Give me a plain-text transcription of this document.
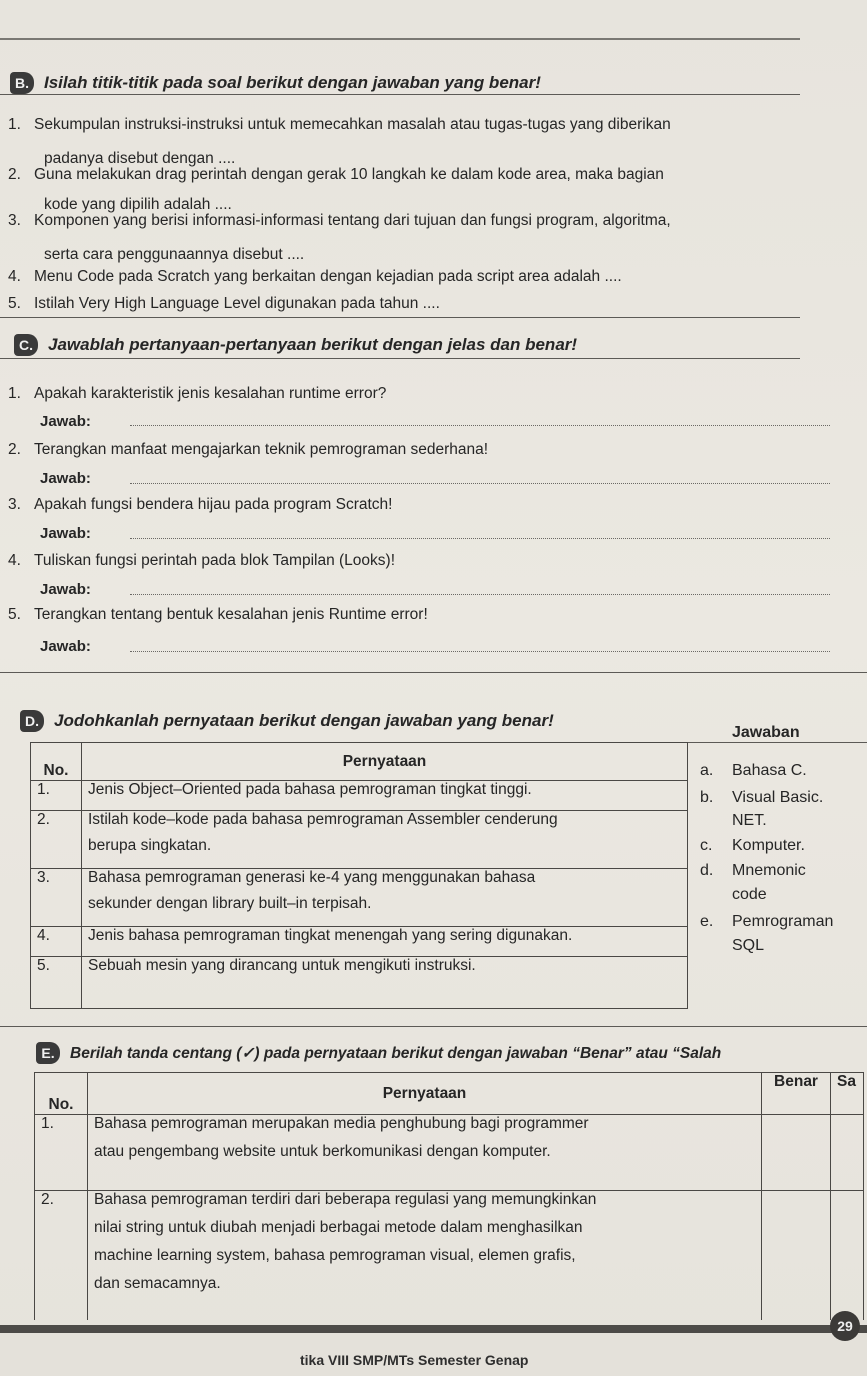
B. Isilah titik-titik pada soal berikut dengan jawaban yang benar!
1. Sekumpulan instruksi-instruksi untuk memecahkan masalah atau tugas-tugas yang diberikan
padanya disebut dengan ....
2. Guna melakukan drag perintah dengan gerak 10 langkah ke dalam kode area, maka bagian
kode yang dipilih adalah ....
3. Komponen yang berisi informasi-informasi tentang dari tujuan dan fungsi program, algoritma,
serta cara penggunaannya disebut ....
4. Menu Code pada Scratch yang berkaitan dengan kejadian pada script area adalah ....
5. Istilah Very High Language Level digunakan pada tahun ....
C. Jawablah pertanyaan-pertanyaan berikut dengan jelas dan benar!
1. Apakah karakteristik jenis kesalahan runtime error?
Jawab:
2. Terangkan manfaat mengajarkan teknik pemrograman sederhana!
Jawab:
3. Apakah fungsi bendera hijau pada program Scratch!
Jawab:
4. Tuliskan fungsi perintah pada blok Tampilan (Looks)!
Jawab:
5. Terangkan tentang bentuk kesalahan jenis Runtime error!
Jawab:
D. Jodohkanlah pernyataan berikut dengan jawaban yang benar!
No.	Pernyataan
1.	Jenis Object–Oriented pada bahasa pemrograman tingkat tinggi.
2.	Istilah kode–kode pada bahasa pemrograman Assembler cenderung
berupa singkatan.

3.	Bahasa pemrograman generasi ke-4 yang menggunakan bahasa
sekunder dengan library built–in terpisah.

4.	Jenis bahasa pemrograman tingkat menengah yang sering digunakan.
5.	Sebuah mesin yang dirancang untuk mengikuti instruksi.
Jawaban
a. Bahasa C.
b. Visual Basic.
NET.
c. Komputer.
d. Mnemonic
code
e. Pemrograman
SQL
E. Berilah tanda centang (✓) pada pernyataan berikut dengan jawaban “Benar” atau “Salah
No.	Pernyataan	Benar	Sa
1.	Bahasa pemrograman merupakan media penghubung bagi programmer
atau pengembang website untuk berkomunikasi dengan komputer.		

2.	Bahasa pemrograman terdiri dari beberapa regulasi yang memungkinkan
nilai string untuk diubah menjadi berbagai metode dalam menghasilkan
machine learning system, bahasa pemrograman visual, elemen grafis,
dan semacamnya.		

29
tika VIII SMP/MTs Semester Genap
